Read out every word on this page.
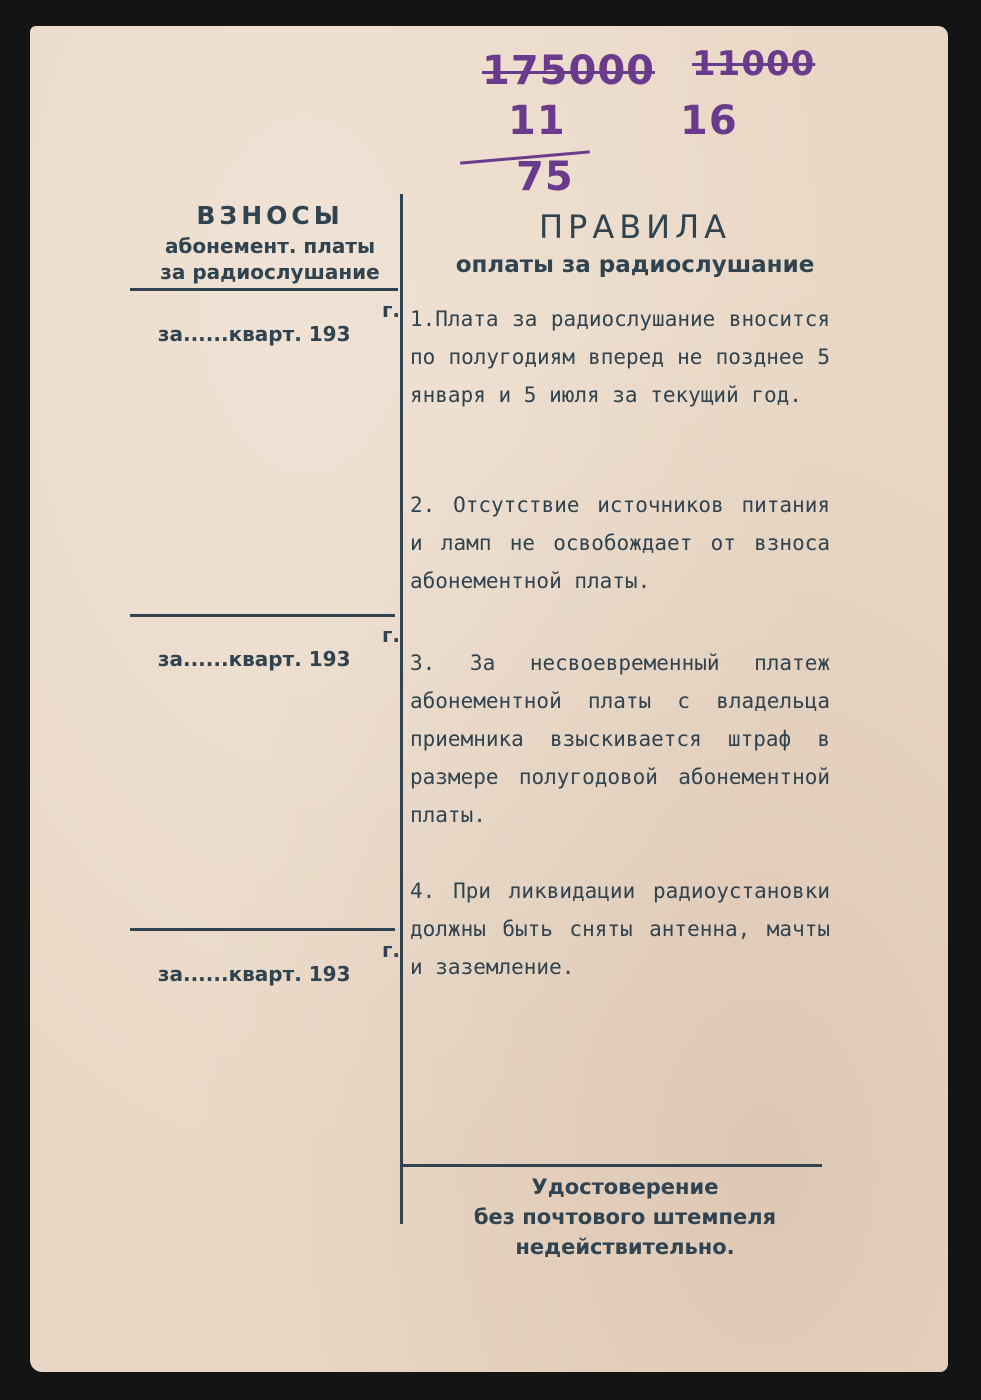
175000 11000
11	16
75
ВЗНОСЫ
абонемент. платы
за радиослушание

за......кварт. 193

г.

за......кварт. 193

г.

за......кварт. 193

г.

ПРАВИЛА
оплаты за радиослушание
1.Плата за радиослушание вносится по полугодиям вперед не позднее 5 января и 5 июля за текущий год.
2. Отсутствие источников питания и ламп не освобождает от взноса абонементной платы.
3. За несвоевременный платеж абонементной платы с владельца приемника взыскивается штраф в размере полугодовой абонементной платы.
4. При ликвидации радиоустановки должны быть сняты антенна, мачты и заземление.
Удостоверение
без почтового штемпеля
недействительно.
